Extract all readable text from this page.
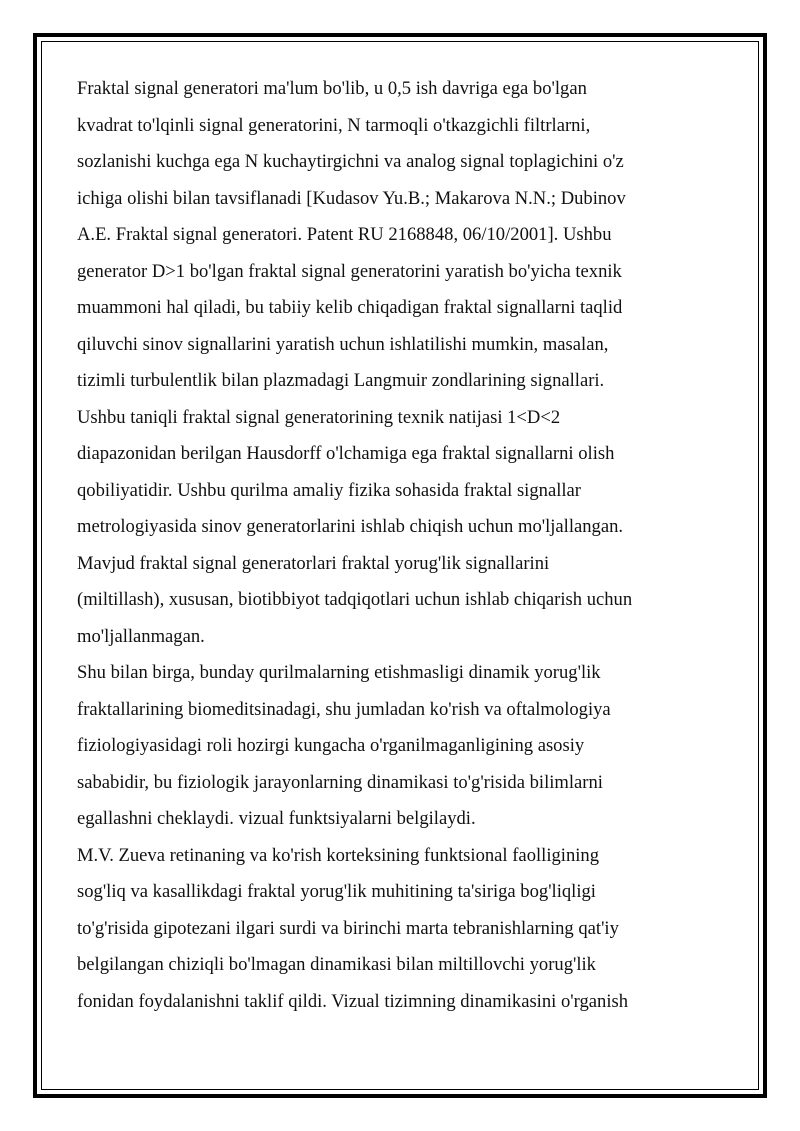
Fraktal signal generatori ma'lum bo'lib, u 0,5 ish davriga ega bo'lgan
kvadrat to'lqinli signal generatorini, N tarmoqli o'tkazgichli filtrlarni,
sozlanishi kuchga ega N kuchaytirgichni va analog signal toplagichini o'z
ichiga olishi bilan tavsiflanadi [Kudasov Yu.B.; Makarova N.N.; Dubinov
A.E. Fraktal signal generatori. Patent RU 2168848, 06/10/2001]. Ushbu
generator D>1 bo'lgan fraktal signal generatorini yaratish bo'yicha texnik
muammoni hal qiladi, bu tabiiy kelib chiqadigan fraktal signallarni taqlid
qiluvchi sinov signallarini yaratish uchun ishlatilishi mumkin, masalan,
tizimli turbulentlik bilan plazmadagi Langmuir zondlarining signallari.
Ushbu taniqli fraktal signal generatorining texnik natijasi 1<D<2
diapazonidan berilgan Hausdorff o'lchamiga ega fraktal signallarni olish
qobiliyatidir. Ushbu qurilma amaliy fizika sohasida fraktal signallar
metrologiyasida sinov generatorlarini ishlab chiqish uchun mo'ljallangan.
Mavjud fraktal signal generatorlari fraktal yorug'lik signallarini
(miltillash), xususan, biotibbiyot tadqiqotlari uchun ishlab chiqarish uchun
mo'ljallanmagan.
Shu bilan birga, bunday qurilmalarning etishmasligi dinamik yorug'lik
fraktallarining biomeditsinadagi, shu jumladan ko'rish va oftalmologiya
fiziologiyasidagi roli hozirgi kungacha o'rganilmaganligining asosiy
sababidir, bu fiziologik jarayonlarning dinamikasi to'g'risida bilimlarni
egallashni cheklaydi. vizual funktsiyalarni belgilaydi.
M.V. Zueva retinaning va ko'rish korteksining funktsional faolligining
sog'liq va kasallikdagi fraktal yorug'lik muhitining ta'siriga bog'liqligi
to'g'risida gipotezani ilgari surdi va birinchi marta tebranishlarning qat'iy
belgilangan chiziqli bo'lmagan dinamikasi bilan miltillovchi yorug'lik
fonidan foydalanishni taklif qildi. Vizual tizimning dinamikasini o'rganish
